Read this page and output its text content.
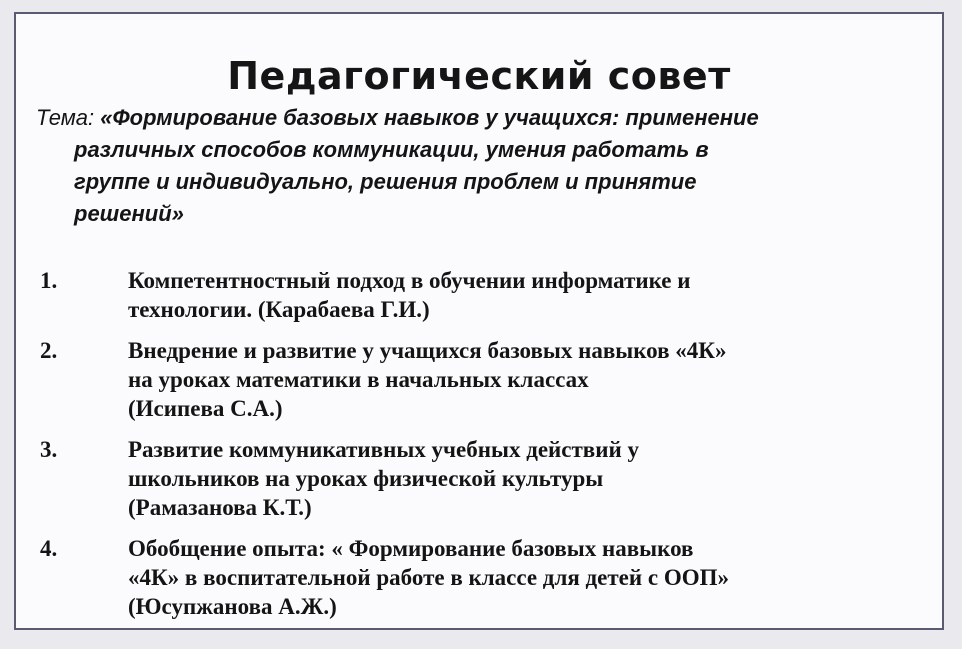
Педагогический совет
Тема: «Формирование базовых навыков у учащихся: применение
различных способов коммуникации, умения работать в
группе и индивидуально, решения проблем и принятие
решений»
1.	Компетентностный подход в обучении информатике и
технологии. (Карабаева Г.И.)
2.	Внедрение и развитие у учащихся базовых навыков «4К»
на уроках математики в начальных классах
(Исипева С.А.)
3.	Развитие коммуникативных учебных действий у
школьников на уроках физической культуры
(Рамазанова К.Т.)
4.	Обобщение опыта: « Формирование базовых навыков
«4К» в воспитательной работе в классе для детей с ООП»
(Юсупжанова А.Ж.)
